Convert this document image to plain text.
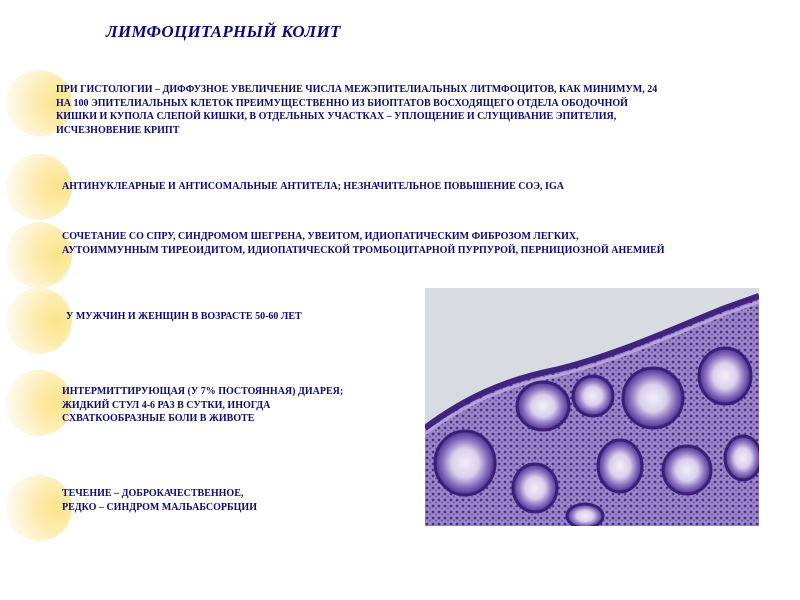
ЛИМФОЦИТАРНЫЙ КОЛИТ
ПРИ ГИСТОЛОГИИ – ДИФФУЗНОЕ УВЕЛИЧЕНИЕ ЧИСЛА МЕЖЭПИТЕЛИАЛЬНЫХ ЛИТМФОЦИТОВ, КАК МИНИМУМ, 24
НА 100 ЭПИТЕЛИАЛЬНЫХ КЛЕТОК ПРЕИМУЩЕСТВЕННО ИЗ БИОПТАТОВ ВОСХОДЯЩЕГО ОТДЕЛА ОБОДОЧНОЙ
КИШКИ И КУПОЛА СЛЕПОЙ КИШКИ, В ОТДЕЛЬНЫХ УЧАСТКАХ – УПЛОЩЕНИЕ И СЛУЩИВАНИЕ ЭПИТЕЛИЯ,
ИСЧЕЗНОВЕНИЕ КРИПТ
АНТИНУКЛЕАРНЫЕ И АНТИСОМАЛЬНЫЕ АНТИТЕЛА; НЕЗНАЧИТЕЛЬНОЕ ПОВЫШЕНИЕ СОЭ, IGA
СОЧЕТАНИЕ СО СПРУ, СИНДРОМОМ ШЕГРЕНА, УВЕИТОМ, ИДИОПАТИЧЕСКИМ ФИБРОЗОМ ЛЕГКИХ,
АУТОИММУННЫМ ТИРЕОИДИТОМ, ИДИОПАТИЧЕСКОЙ ТРОМБОЦИТАРНОЙ ПУРПУРОЙ, ПЕРНИЦИОЗНОЙ АНЕМИЕЙ
У МУЖЧИН И ЖЕНЩИН В ВОЗРАСТЕ 50-60 ЛЕТ
ИНТЕРМИТТИРУЮЩАЯ (У 7% ПОСТОЯННАЯ) ДИАРЕЯ;
ЖИДКИЙ СТУЛ 4-6 РАЗ В СУТКИ, ИНОГДА
СХВАТКООБРАЗНЫЕ БОЛИ В ЖИВОТЕ
ТЕЧЕНИЕ – ДОБРОКАЧЕСТВЕННОЕ,
РЕДКО – СИНДРОМ МАЛЬАБСОРБЦИИ
